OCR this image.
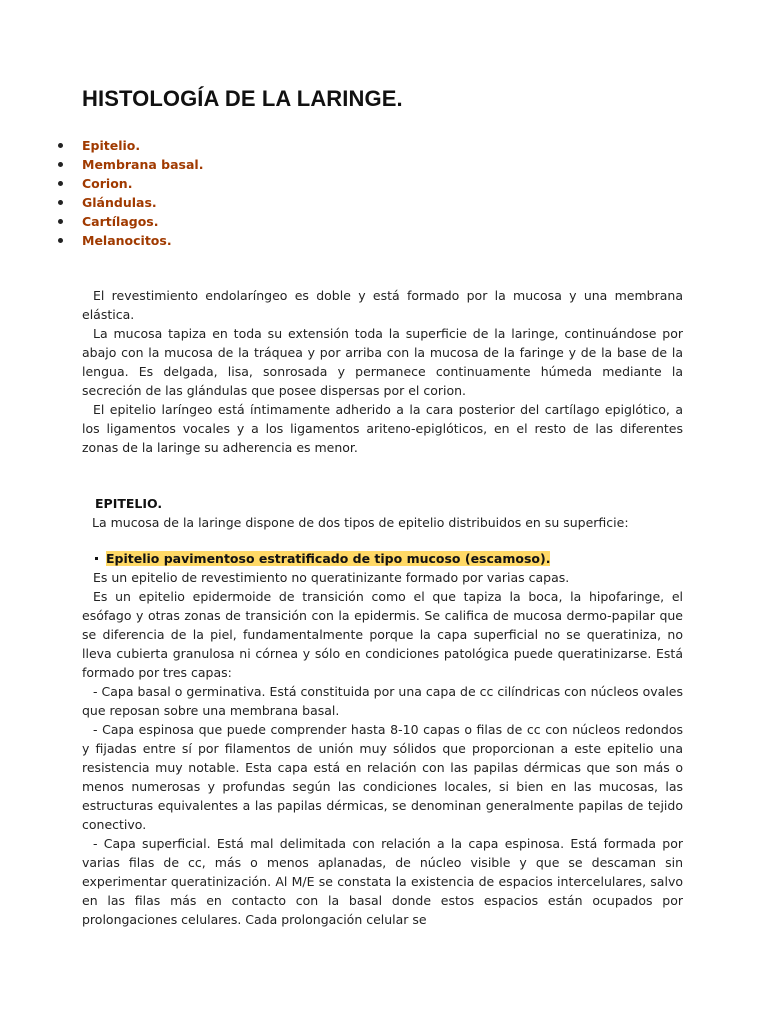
HISTOLOGÍA DE LA LARINGE.
Epitelio.
Membrana basal.
Corion.
Glándulas.
Cartílagos.
Melanocitos.

El revestimiento endolaríngeo es doble y está formado por la mucosa y una membrana elástica.

La mucosa tapiza en toda su extensión toda la superficie de la laringe, continuándose por abajo con la mucosa de la tráquea y por arriba con la mucosa de la faringe y de la base de la lengua. Es delgada, lisa, sonrosada y permanece continuamente húmeda mediante la secreción de las glándulas que posee dispersas por el corion.

El epitelio laríngeo está íntimamente adherido a la cara posterior del cartílago epiglótico, a los ligamentos vocales y a los ligamentos ariteno-epiglóticos, en el resto de las diferentes zonas de la laringe su adherencia es menor.

EPITELIO.

La mucosa de la laringe dispone de dos tipos de epitelio distribuidos en su superficie:

Epitelio pavimentoso estratificado de tipo mucoso (escamoso).

Es un epitelio de revestimiento no queratinizante formado por varias capas.

Es un epitelio epidermoide de transición como el que tapiza la boca, la hipofaringe, el esófago y otras zonas de transición con la epidermis. Se califica de mucosa dermo-papilar que se diferencia de la piel, fundamentalmente porque la capa superficial no se queratiniza, no lleva cubierta granulosa ni córnea y sólo en condiciones patológica puede queratinizarse. Está formado por tres capas:

- Capa basal o germinativa. Está constituida por una capa de cc cilíndricas con núcleos ovales que reposan sobre una membrana basal.

- Capa espinosa que puede comprender hasta 8-10 capas o filas de cc con núcleos redondos y fijadas entre sí por filamentos de unión muy sólidos que proporcionan a este epitelio una resistencia muy notable. Esta capa está en relación con las papilas dérmicas que son más o menos numerosas y profundas según las condiciones locales, si bien en las mucosas, las estructuras equivalentes a las papilas dérmicas, se denominan generalmente papilas de tejido conectivo.

- Capa superficial. Está mal delimitada con relación a la capa espinosa. Está formada por varias filas de cc, más o menos aplanadas, de núcleo visible y que se descaman sin experimentar queratinización. Al M/E se constata la existencia de espacios intercelulares, salvo en las filas más en contacto con la basal donde estos espacios están ocupados por prolongaciones celulares. Cada prolongación celular se
